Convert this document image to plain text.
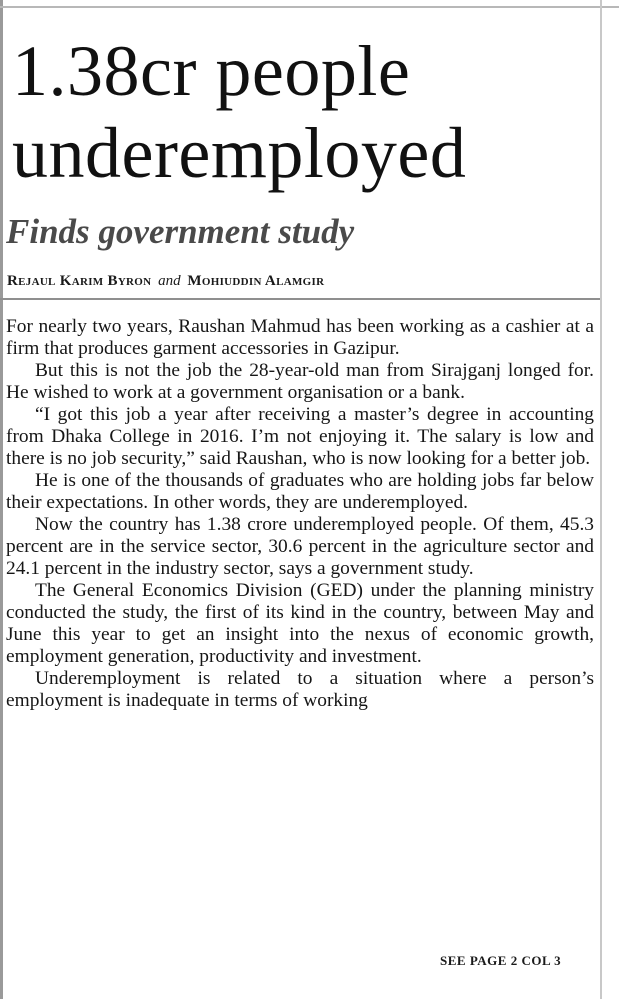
1.38cr people
underemployed
Finds government study
Rejaul Karim Byron and Mohiuddin Alamgir

For nearly two years, Raushan Mahmud has been working as a cashier at a firm that produces garment accessories in Gazipur.

But this is not the job the 28-year-old man from Sirajganj longed for. He wished to work at a government organisation or a bank.

“I got this job a year after receiving a master’s degree in accounting from Dhaka College in 2016. I’m not enjoying it. The salary is low and there is no job security,” said Raushan, who is now looking for a better job.

He is one of the thousands of graduates who are holding jobs far below their expectations. In other words, they are underemployed.

Now the country has 1.38 crore underemployed people. Of them, 45.3 percent are in the service sector, 30.6 percent in the agriculture sector and 24.1 percent in the industry sector, says a government study.

The General Economics Division (GED) under the planning ministry conducted the study, the first of its kind in the country, between May and June this year to get an insight into the nexus of economic growth, employment generation, productivity and investment.

Underemployment is related to a situation where a person’s employment is inadequate in terms of working

SEE PAGE 2 COL 3
